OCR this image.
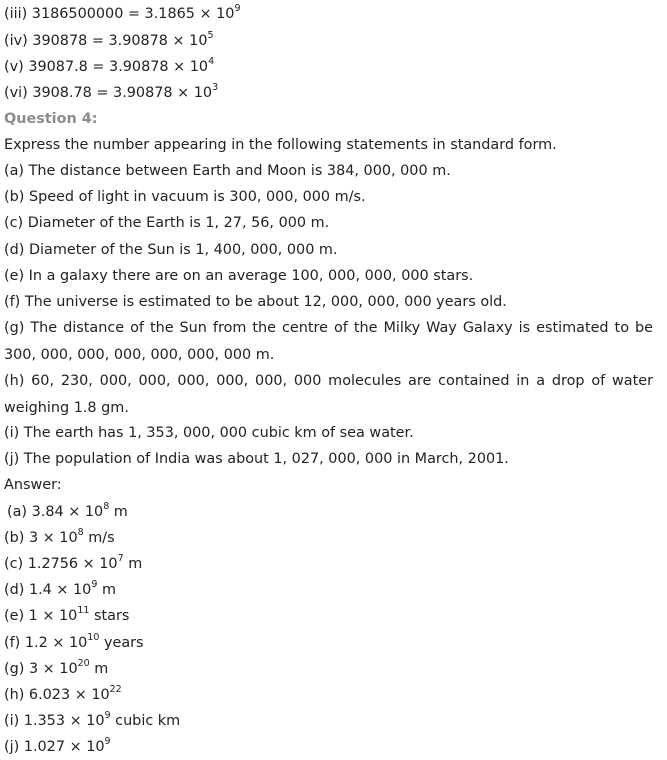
(iii) $3186500000 = 3.1865 \times 10^9$
(iv) $390878 = 3.90878 \times 10^5$
(v) $39087.8 = 3.90878 \times 10^4$
(vi) $3908.78 = 3.90878 \times 10^3$
Question 4:
Express the number appearing in the following statements in standard form.
(a) The distance between Earth and Moon is 384, 000, 000 m.
(b) Speed of light in vacuum is 300, 000, 000 m/s.
(c) Diameter of the Earth is 1, 27, 56, 000 m.
(d) Diameter of the Sun is 1, 400, 000, 000 m.
(e) In a galaxy there are on an average 100, 000, 000, 000 stars.
(f) The universe is estimated to be about 12, 000, 000, 000 years old.
(g) The distance of the Sun from the centre of the Milky Way Galaxy is estimated to be 300, 000, 000, 000, 000, 000, 000 m.
(h) 60, 230, 000, 000, 000, 000, 000, 000 molecules are contained in a drop of water weighing 1.8 gm.
(i) The earth has 1, 353, 000, 000 cubic km of sea water.
(j) The population of India was about 1, 027, 000, 000 in March, 2001.
Answer:
(a) $3.84 \times 10^8$ m
(b) $3 \times 10^8$ m/s
(c) $1.2756 \times 10^7$ m
(d) $1.4 \times 10^9$ m
(e) $1 \times 10^{11}$ stars
(f) $1.2 \times 10^{10}$ years
(g) $3 \times 10^{20}$ m
(h) $6.023 \times 10^{22}$
(i) $1.353 \times 10^9$ cubic km
(j) $1.027 \times 10^9$
